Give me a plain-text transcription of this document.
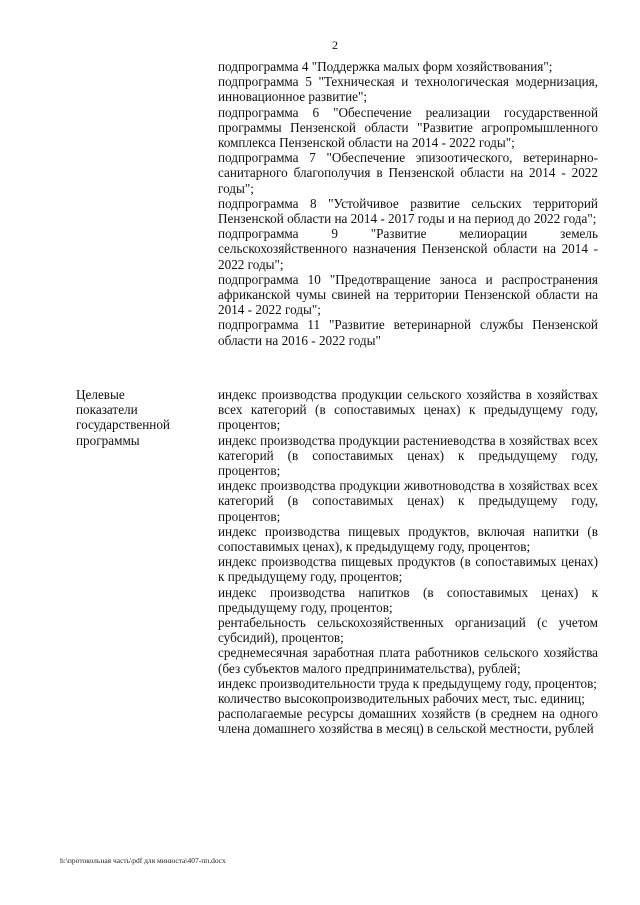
2

подпрограмма 4 "Поддержка малых форм хозяйствования";

подпрограмма 5 "Техническая и технологическая модернизация, инновационное развитие";

подпрограмма 6 "Обеспечение реализации государственной программы Пензенской области "Развитие агропромышленного комплекса Пензенской области на 2014 - 2022 годы";

подпрограмма 7 "Обеспечение эпизоотического, ветеринарно-санитарного благополучия в Пензенской области на 2014 - 2022 годы";

подпрограмма 8 "Устойчивое развитие сельских территорий Пензенской области на 2014 - 2017 годы и на период до 2022 года";

подпрограмма 9 "Развитие мелиорации земель сельскохозяйственного назначения Пензенской области на 2014 - 2022 годы";

подпрограмма 10 "Предотвращение заноса и распространения африканской чумы свиней на территории Пензенской области на 2014 - 2022 годы";

подпрограмма 11 "Развитие ветеринарной службы Пензенской области на 2016 - 2022 годы"

Целевые
показатели
государственной
программы

индекс производства продукции сельского хозяйства в хозяйствах всех категорий (в сопоставимых ценах) к предыдущему году, процентов;

индекс производства продукции растениеводства в хозяйствах всех категорий (в сопоставимых ценах) к предыдущему году, процентов;

индекс производства продукции животноводства в хозяйствах всех категорий (в сопоставимых ценах) к предыдущему году, процентов;

индекс производства пищевых продуктов, включая напитки (в сопоставимых ценах), к предыдущему году, процентов;

индекс производства пищевых продуктов (в сопоставимых ценах) к предыдущему году, процентов;

индекс производства напитков (в сопоставимых ценах) к предыдущему году, процентов;

рентабельность сельскохозяйственных организаций (с учетом субсидий), процентов;

среднемесячная заработная плата работников сельского хозяйства (без субъектов малого предпринимательства), рублей;

индекс производительности труда к предыдущему году, процентов;

количество высокопроизводительных рабочих мест, тыс. единиц;

располагаемые ресурсы домашних хозяйств (в среднем на одного члена домашнего хозяйства в месяц) в сельской местности, рублей

h:\протокольная часть\pdf для минюста\407-пп.docx
